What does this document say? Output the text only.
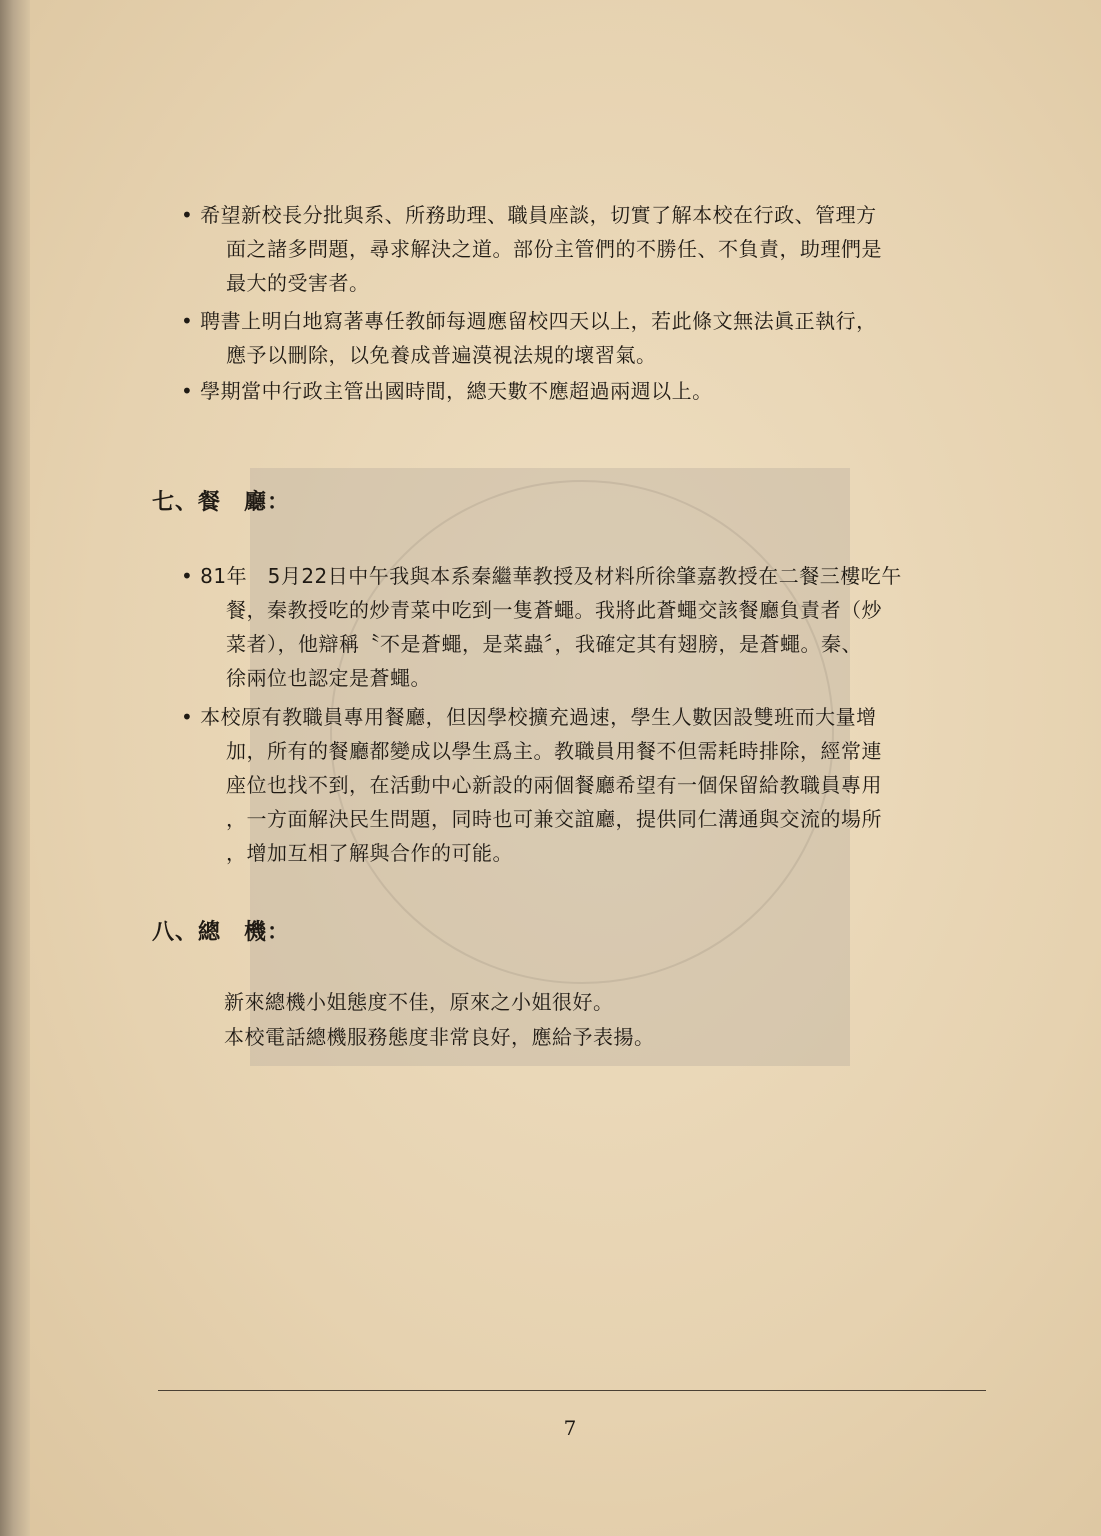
• 希望新校長分批與系、所務助理、職員座談，切實了解本校在行政、管理方
面之諸多問題，尋求解決之道。部份主管們的不勝任、不負責，助理們是
最大的受害者。
• 聘書上明白地寫著專任教師每週應留校四天以上，若此條文無法眞正執行，
應予以刪除，以免養成普遍漠視法規的壞習氣。
• 學期當中行政主管出國時間，總天數不應超過兩週以上。
七、餐　廳：
• 81年　5月22日中午我與本系秦繼華教授及材料所徐肇嘉教授在二餐三樓吃午
餐，秦教授吃的炒青菜中吃到一隻蒼蠅。我將此蒼蠅交該餐廳負責者（炒
菜者），他辯稱〝不是蒼蠅，是菜蟲〞，我確定其有翅膀，是蒼蠅。秦、
徐兩位也認定是蒼蠅。
• 本校原有教職員專用餐廳，但因學校擴充過速，學生人數因設雙班而大量增
加，所有的餐廳都變成以學生爲主。教職員用餐不但需耗時排除，經常連
座位也找不到，在活動中心新設的兩個餐廳希望有一個保留給教職員專用
，一方面解決民生問題，同時也可兼交誼廳，提供同仁溝通與交流的場所
，增加互相了解與合作的可能。
八、總　機：
新來總機小姐態度不佳，原來之小姐很好。
本校電話總機服務態度非常良好，應給予表揚。
7
